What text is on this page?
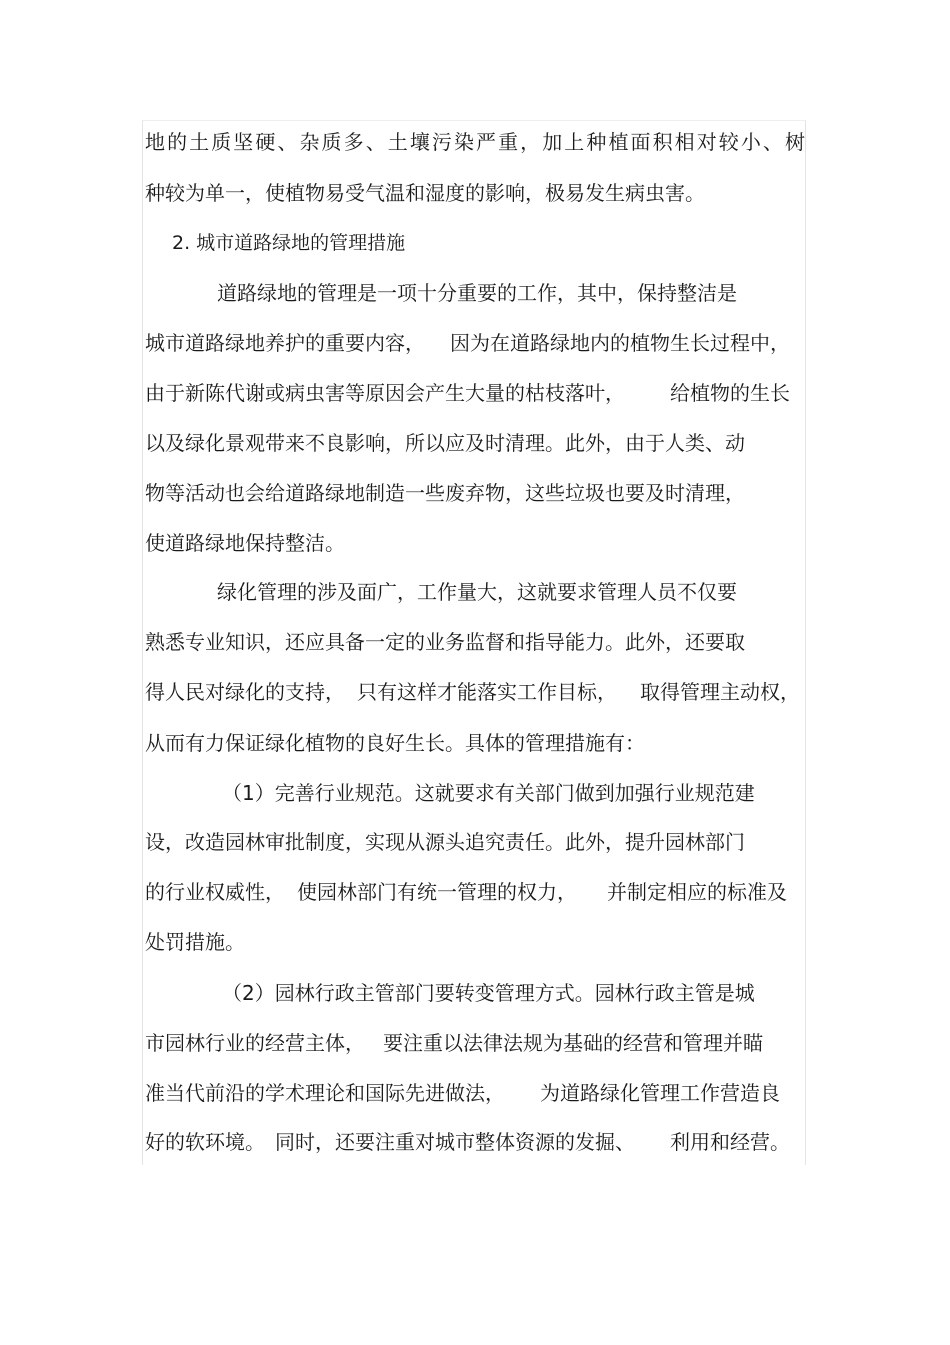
地的土质坚硬、杂质多、土壤污染严重，加上种植面积相对较小、树
种较为单一，使植物易受气温和湿度的影响，极易发生病虫害。
2. 城市道路绿地的管理措施
道路绿地的管理是一项十分重要的工作，其中，保持整洁是
城市道路绿地养护的重要内容， 因为在道路绿地内的植物生长过程中，
由于新陈代谢或病虫害等原因会产生大量的枯枝落叶， 给植物的生长
以及绿化景观带来不良影响，所以应及时清理。此外，由于人类、动
物等活动也会给道路绿地制造一些废弃物，这些垃圾也要及时清理，
使道路绿地保持整洁。
绿化管理的涉及面广，工作量大，这就要求管理人员不仅要
熟悉专业知识，还应具备一定的业务监督和指导能力。此外，还要取
得人民对绿化的支持， 只有这样才能落实工作目标， 取得管理主动权，
从而有力保证绿化植物的良好生长。具体的管理措施有：
（1）完善行业规范。这就要求有关部门做到加强行业规范建
设，改造园林审批制度，实现从源头追究责任。此外，提升园林部门
的行业权威性， 使园林部门有统一管理的权力， 并制定相应的标准及
处罚措施。
（2）园林行政主管部门要转变管理方式。园林行政主管是城
市园林行业的经营主体， 要注重以法律法规为基础的经营和管理并瞄
准当代前沿的学术理论和国际先进做法， 为道路绿化管理工作营造良
好的软环境。 同时，还要注重对城市整体资源的发掘、 利用和经营。
